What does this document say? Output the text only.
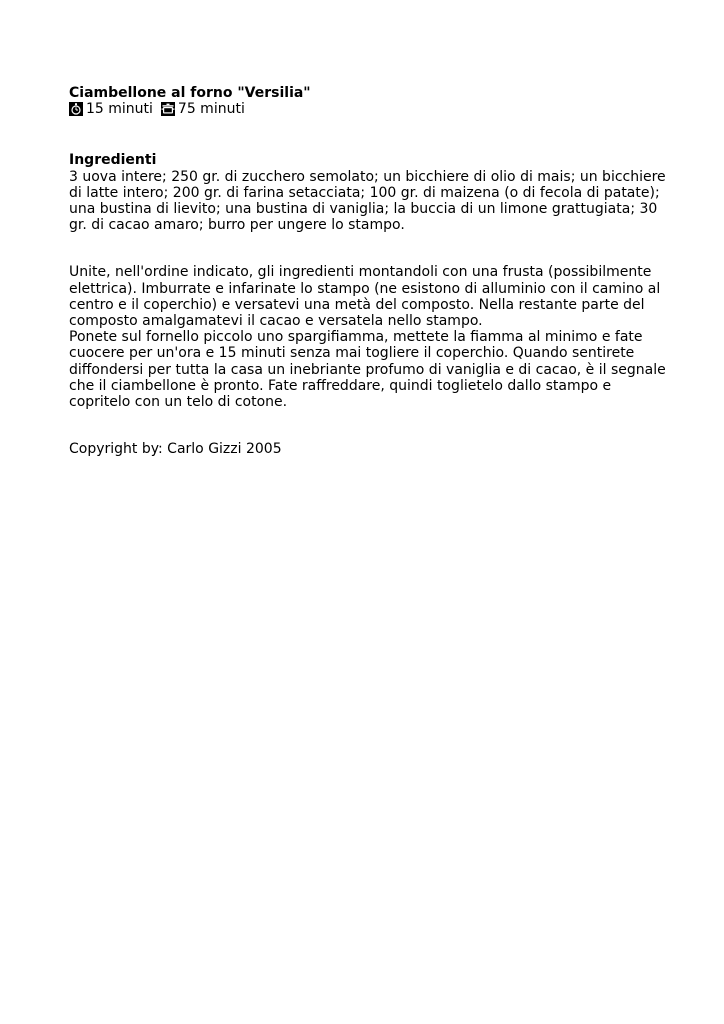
Ciambellone al forno "Versilia"

15 minuti 75 minuti

Ingredienti

3 uova intere; 250 gr. di zucchero semolato; un bicchiere di olio di mais; un bicchiere di latte intero; 200 gr. di farina setacciata; 100 gr. di maizena (o di fecola di patate); una bustina di lievito; una bustina di vaniglia; la buccia di un limone grattugiata; 30 gr. di cacao amaro; burro per ungere lo stampo.

Unite, nell'ordine indicato, gli ingredienti montandoli con una frusta (possibilmente elettrica). Imburrate e infarinate lo stampo (ne esistono di alluminio con il camino al centro e il coperchio) e versatevi una metà del composto. Nella restante parte del composto amalgamatevi il cacao e versatela nello stampo.

Ponete sul fornello piccolo uno spargifiamma, mettete la fiamma al minimo e fate cuocere per un'ora e 15 minuti senza mai togliere il coperchio. Quando sentirete diffondersi per tutta la casa un inebriante profumo di vaniglia e di cacao, è il segnale che il ciambellone è pronto. Fate raffreddare, quindi toglietelo dallo stampo e copritelo con un telo di cotone.

Copyright by: Carlo Gizzi 2005
